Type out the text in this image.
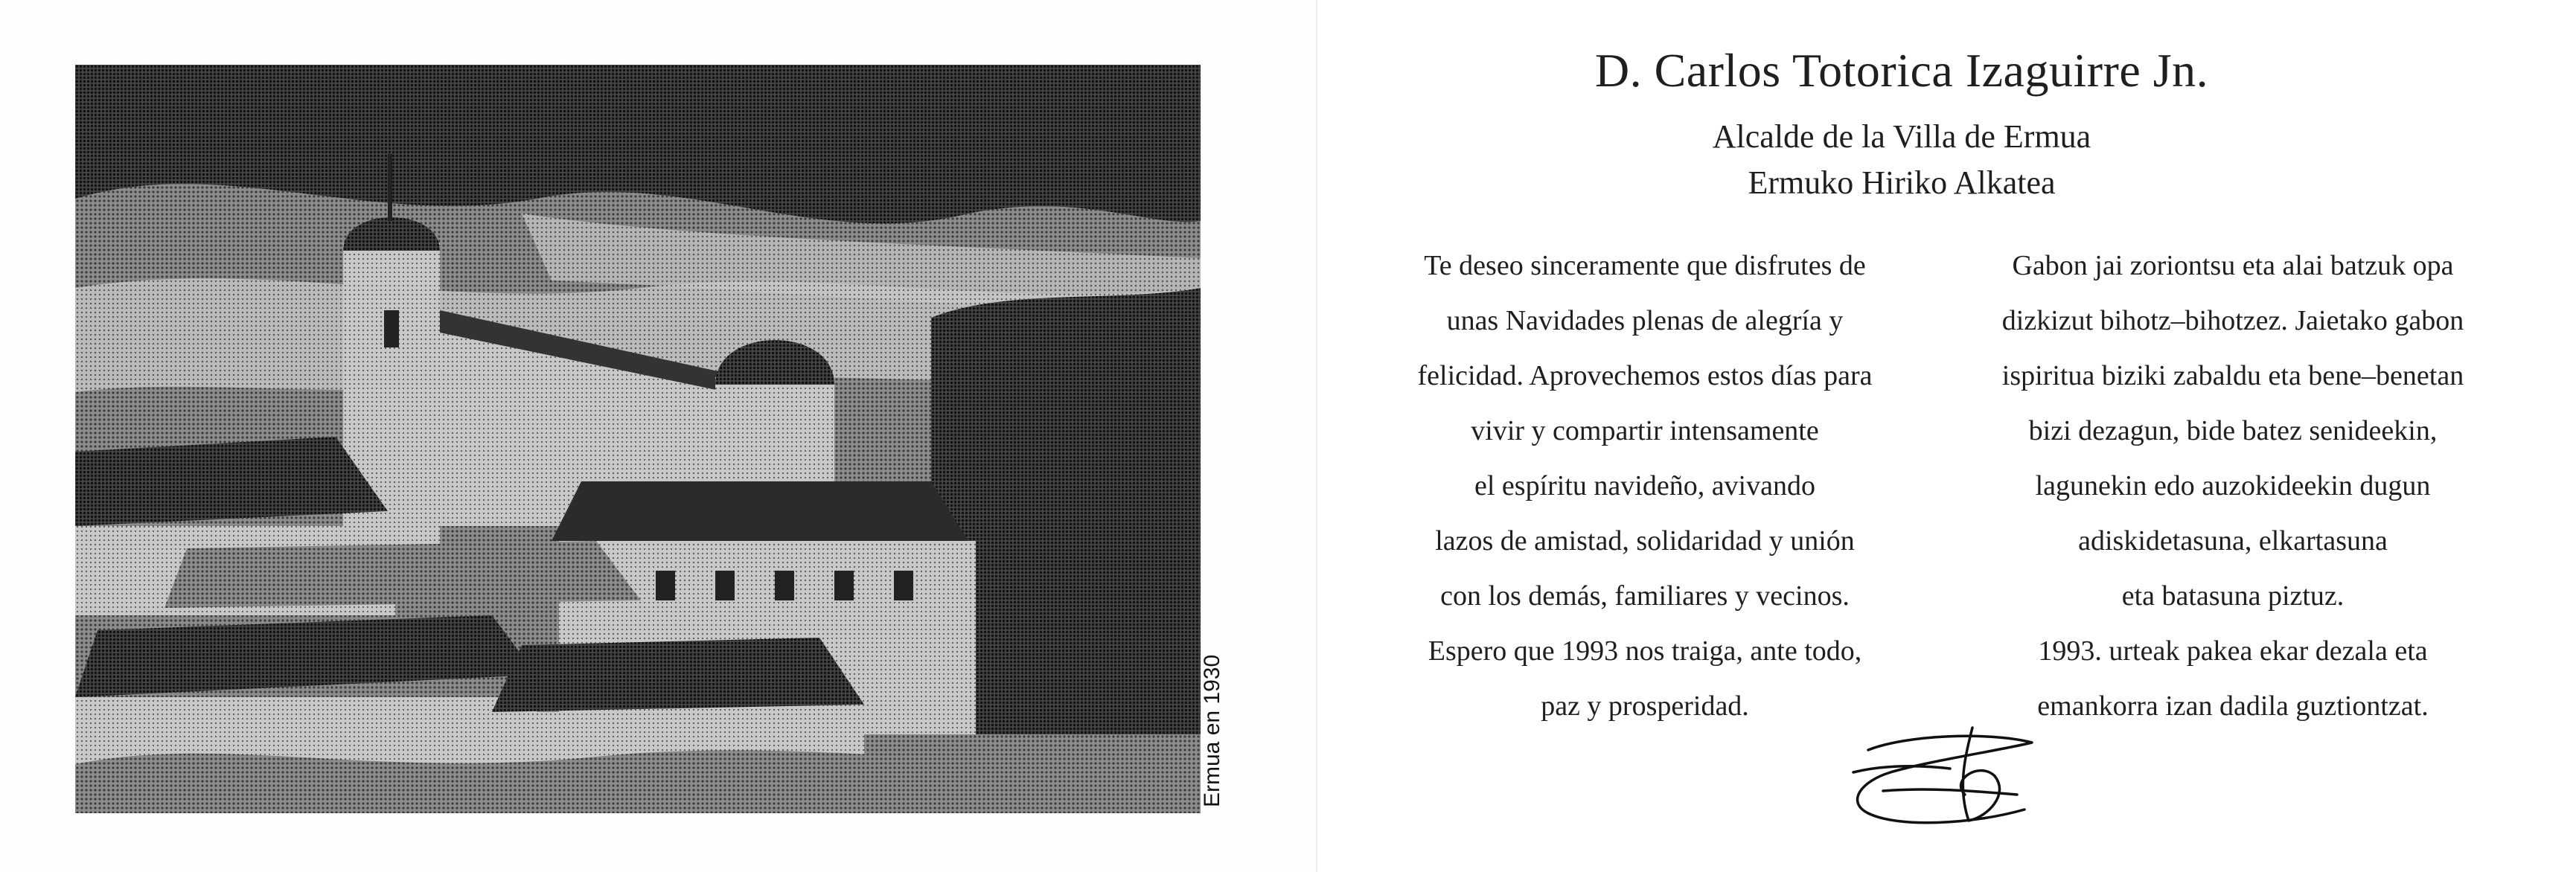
Ermua en 1930
D. Carlos Totorica Izaguirre Jn.
Alcalde de la Villa de Ermua
Ermuko Hiriko Alkatea
Te deseo sinceramente que disfrutes de
unas Navidades plenas de alegría y
felicidad. Aprovechemos estos días para
vivir y compartir intensamente
el espíritu navideño, avivando
lazos de amistad, solidaridad y unión
con los demás, familiares y vecinos.
Espero que 1993 nos traiga, ante todo,
paz y prosperidad.
Gabon jai zoriontsu eta alai batzuk opa
dizkizut bihotz–bihotzez. Jaietako gabon
ispiritua biziki zabaldu eta bene–benetan
bizi dezagun, bide batez senideekin,
lagunekin edo auzokideekin dugun
adiskidetasuna, elkartasuna
eta batasuna piztuz.
1993. urteak pakea ekar dezala eta
emankorra izan dadila guztiontzat.
